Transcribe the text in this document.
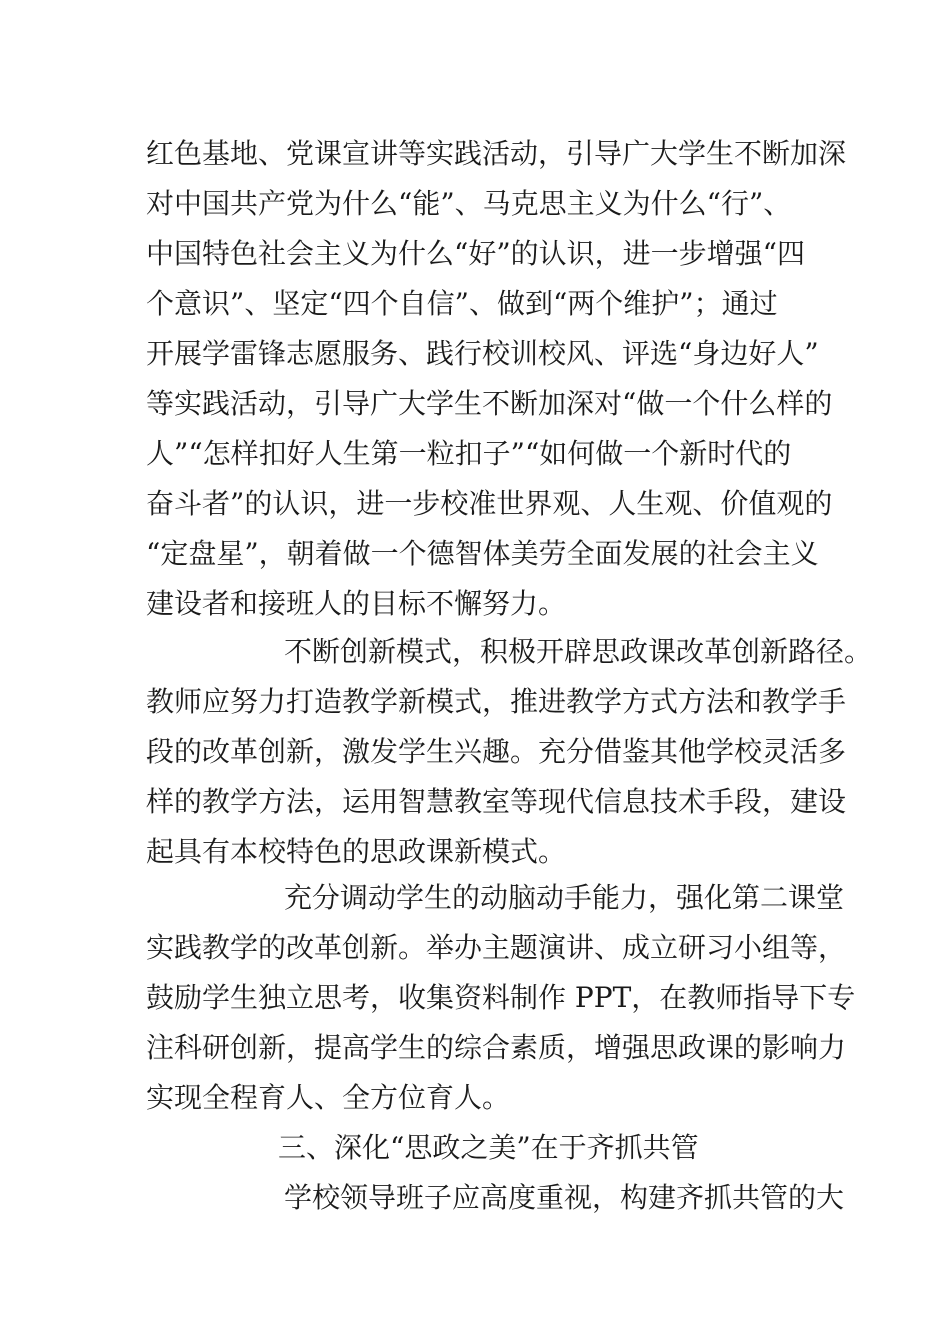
红色基地、党课宣讲等实践活动，引导广大学生不断加深
对中国共产党为什么“能”、马克思主义为什么“行”、
中国特色社会主义为什么“好”的认识，进一步增强“四
个意识”、坚定“四个自信”、做到“两个维护”；通过
开展学雷锋志愿服务、践行校训校风、评选“身边好人”
等实践活动，引导广大学生不断加深对“做一个什么样的
人”“怎样扣好人生第一粒扣子”“如何做一个新时代的
奋斗者”的认识，进一步校准世界观、人生观、价值观的
“定盘星”，朝着做一个德智体美劳全面发展的社会主义
建设者和接班人的目标不懈努力。
不断创新模式，积极开辟思政课改革创新路径。
教师应努力打造教学新模式，推进教学方式方法和教学手
段的改革创新，激发学生兴趣。充分借鉴其他学校灵活多
样的教学方法，运用智慧教室等现代信息技术手段，建设
起具有本校特色的思政课新模式。
充分调动学生的动脑动手能力，强化第二课堂
实践教学的改革创新。举办主题演讲、成立研习小组等，
鼓励学生独立思考，收集资料制作 PPT，在教师指导下专
注科研创新，提高学生的综合素质，增强思政课的影响力
实现全程育人、全方位育人。
三、深化“思政之美”在于齐抓共管
学校领导班子应高度重视，构建齐抓共管的大
